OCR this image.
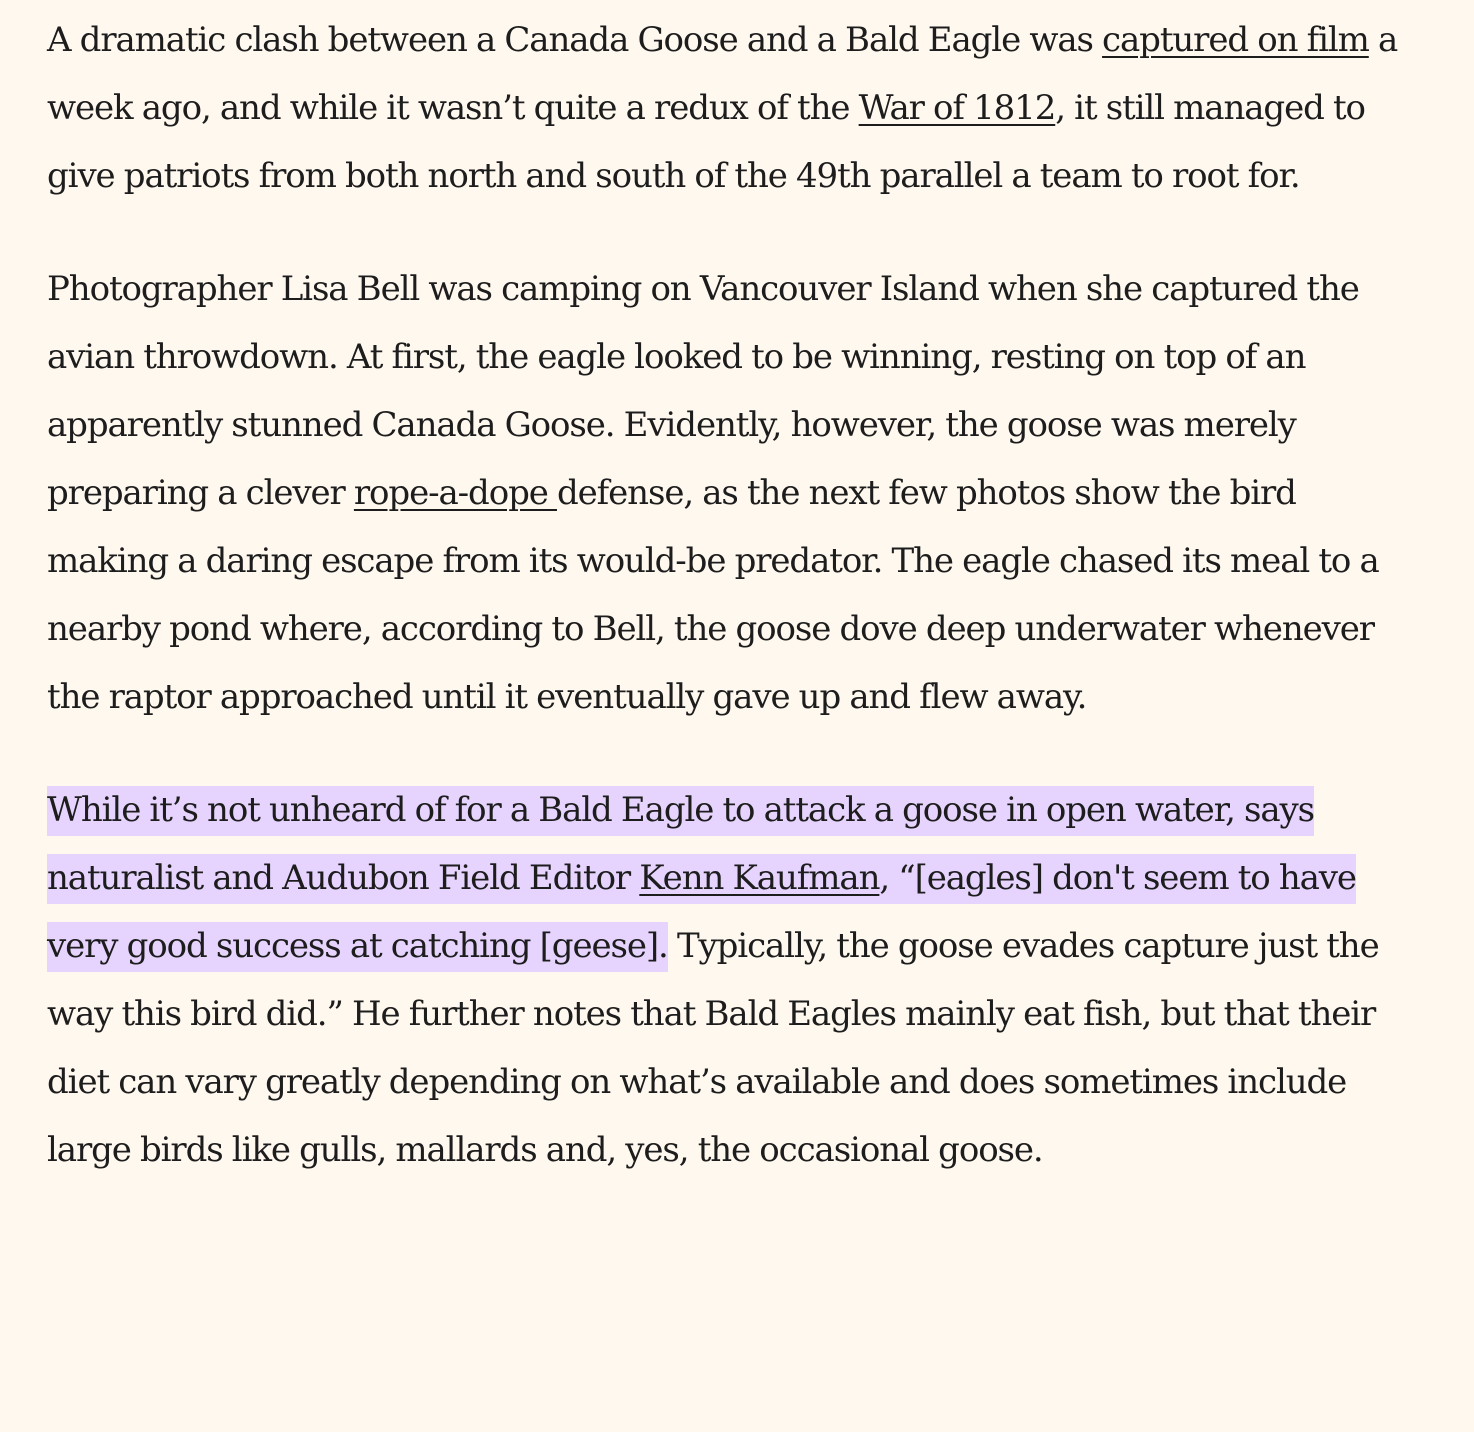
A dramatic clash between a Canada Goose and a Bald Eagle was captured on film a week ago, and while it wasn’t quite a redux of the War of 1812, it still managed to give patriots from both north and south of the 49th parallel a team to root for.

Photographer Lisa Bell was camping on Vancouver Island when she captured the avian throwdown. At first, the eagle looked to be winning, resting on top of an apparently stunned Canada Goose. Evidently, however, the goose was merely preparing a clever rope-a-dope defense, as the next few photos show the bird making a daring escape from its would-be predator. The eagle chased its meal to a nearby pond where, according to Bell, the goose dove deep underwater whenever the raptor approached until it eventually gave up and flew away.

While it’s not unheard of for a Bald Eagle to attack a goose in open water, says naturalist and Audubon Field Editor Kenn Kaufman, “[eagles] don't seem to have very good success at catching [geese]. Typically, the goose evades capture just the way this bird did.” He further notes that Bald Eagles mainly eat fish, but that their diet can vary greatly depending on what’s available and does sometimes include large birds like gulls, mallards and, yes, the occasional goose.
